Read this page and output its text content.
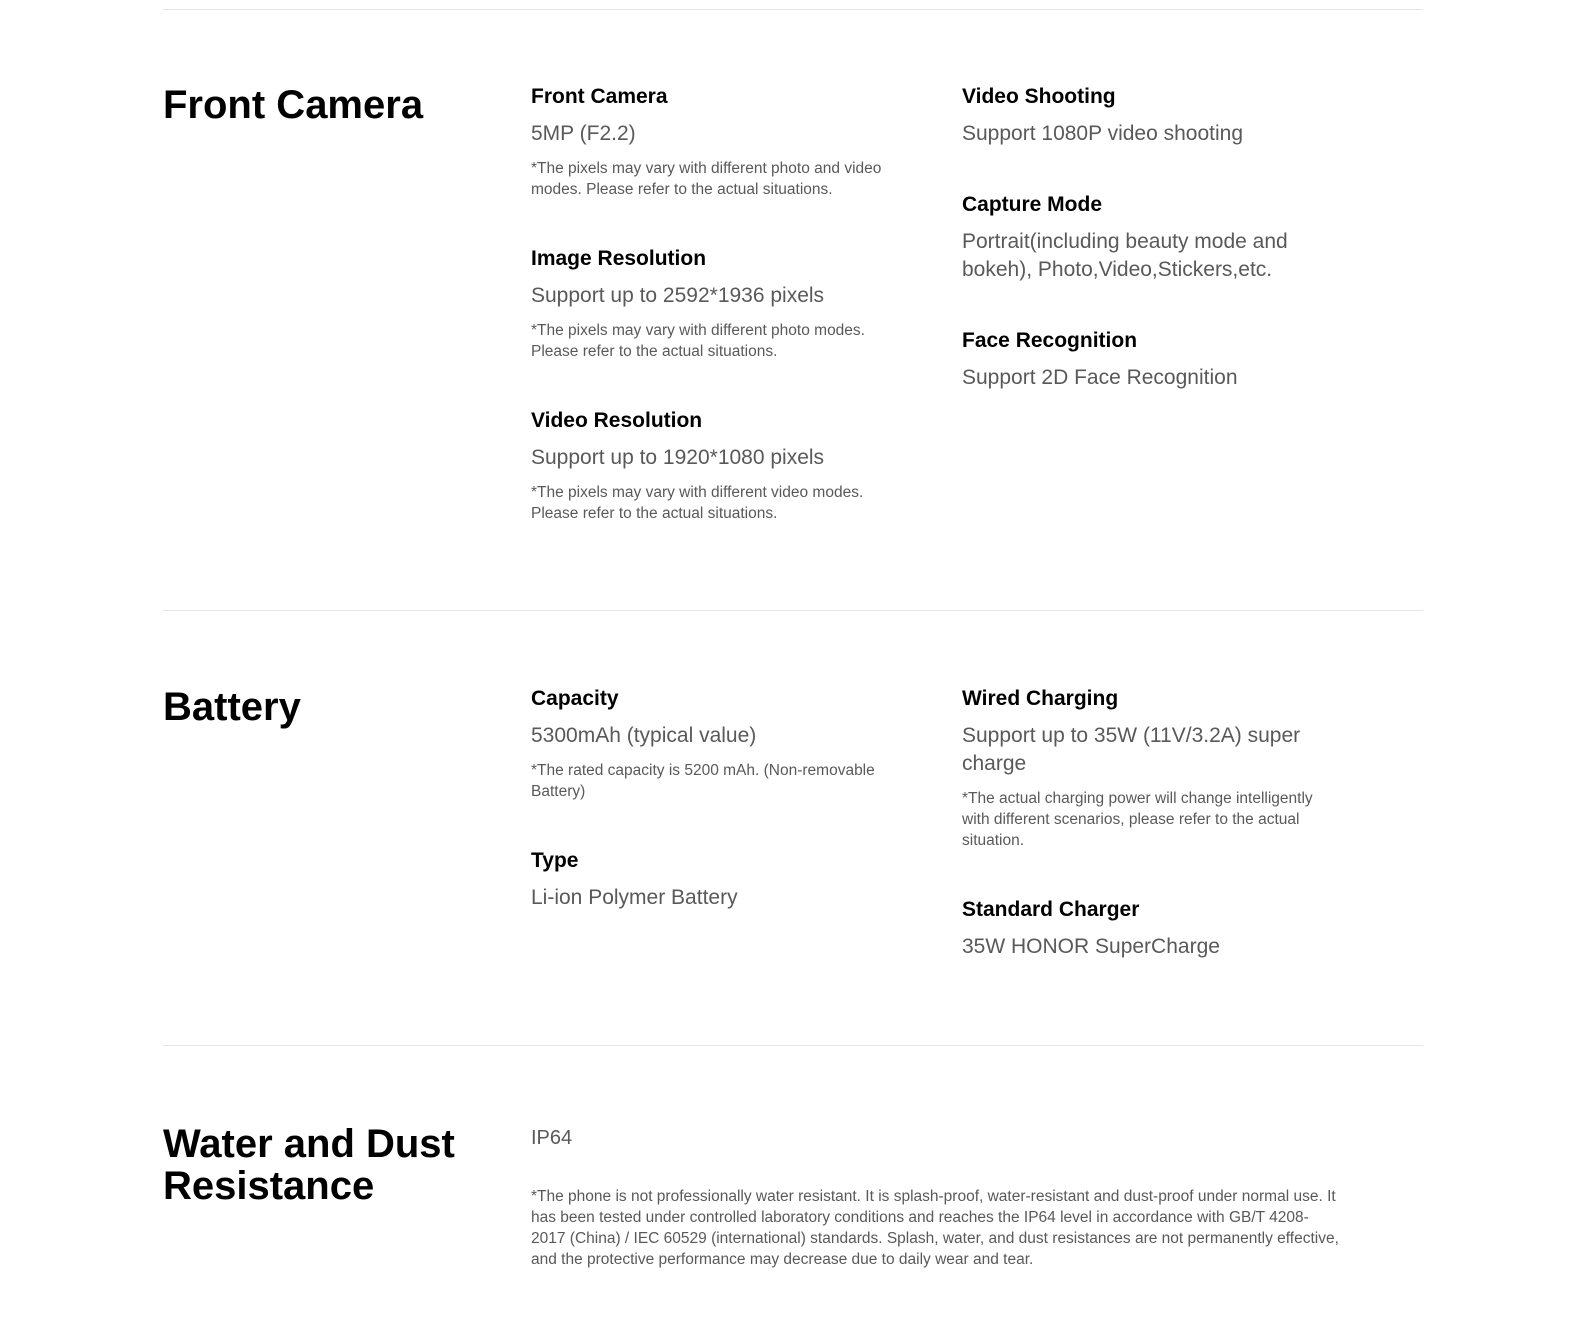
Front Camera	Front Camera
5MP (F2.2)
*The pixels may vary with different photo and video modes. Please refer to the actual situations.
Image Resolution
Support up to 2592*1936 pixels
*The pixels may vary with different photo modes. Please refer to the actual situations.
Video Resolution
Support up to 1920*1080 pixels
*The pixels may vary with different video modes. Please refer to the actual situations.
Video Shooting
Support 1080P video shooting
Capture Mode
Portrait(including beauty mode and bokeh), Photo,Video,Stickers,etc.
Face Recognition
Support 2D Face Recognition
Battery	Capacity
5300mAh (typical value)
*The rated capacity is 5200 mAh. (Non-removable Battery)
Type
Li-ion Polymer Battery
Wired Charging
Support up to 35W (11V/3.2A) super charge
*The actual charging power will change intelligently with different scenarios, please refer to the actual situation.
Standard Charger
35W HONOR SuperCharge
Water and Dust Resistance
IP64
*The phone is not professionally water resistant. It is splash-proof, water-resistant and dust-proof under normal use. It has been tested under controlled laboratory conditions and reaches the IP64 level in accordance with GB/T 4208-2017 (China) / IEC 60529 (international) standards. Splash, water, and dust resistances are not permanently effective, and the protective performance may decrease due to daily wear and tear.
